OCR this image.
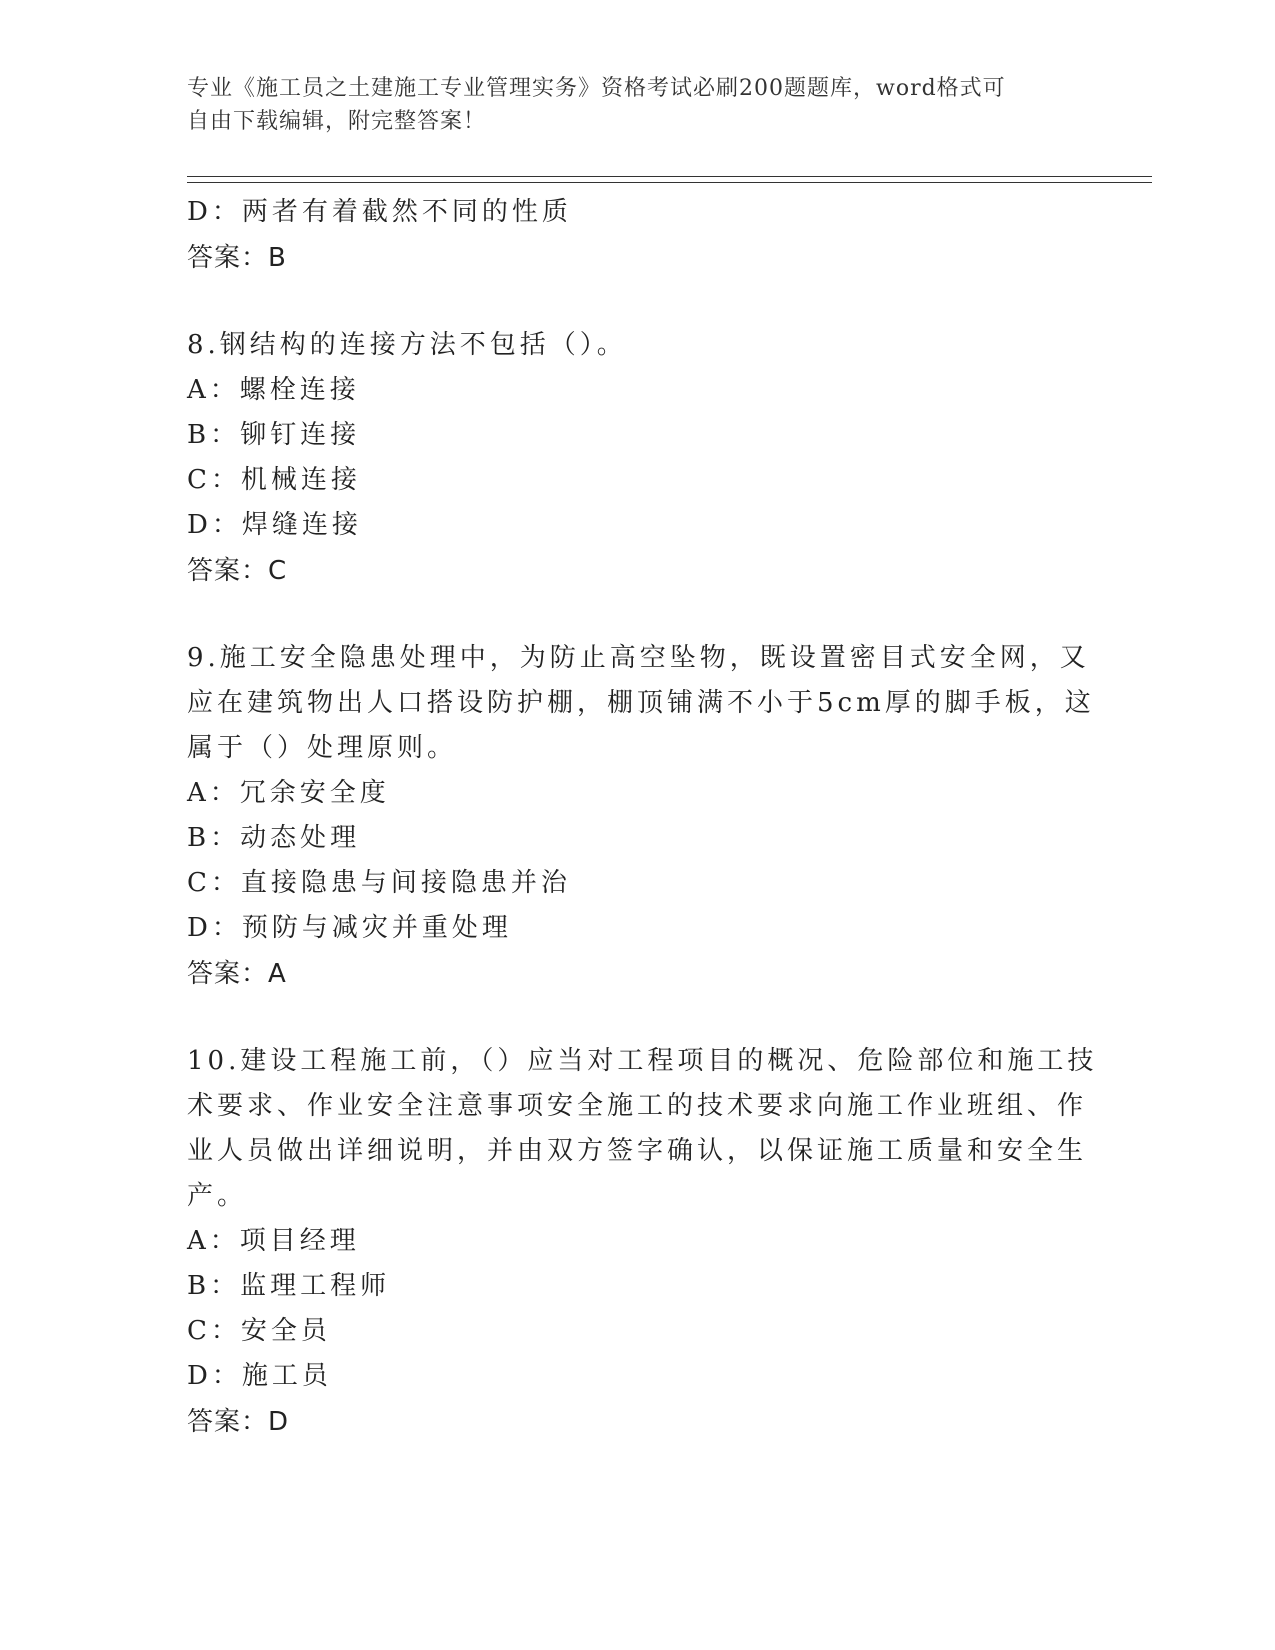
专业《施工员之土建施工专业管理实务》资格考试必刷200题题库，word格式可
自由下载编辑，附完整答案！
D：两者有着截然不同的性质
答案：B
8.钢结构的连接方法不包括（）。
A：螺栓连接
B：铆钉连接
C：机械连接
D：焊缝连接
答案：C
9.施工安全隐患处理中，为防止高空坠物，既设置密目式安全网，又
应在建筑物出人口搭设防护棚，棚顶铺满不小于5cm厚的脚手板，这
属于（）处理原则。
A：冗余安全度
B：动态处理
C：直接隐患与间接隐患并治
D：预防与减灾并重处理
答案：A
10.建设工程施工前，（）应当对工程项目的概况、危险部位和施工技
术要求、作业安全注意事项安全施工的技术要求向施工作业班组、作
业人员做出详细说明，并由双方签字确认，以保证施工质量和安全生
产。
A：项目经理
B：监理工程师
C：安全员
D：施工员
答案：D
